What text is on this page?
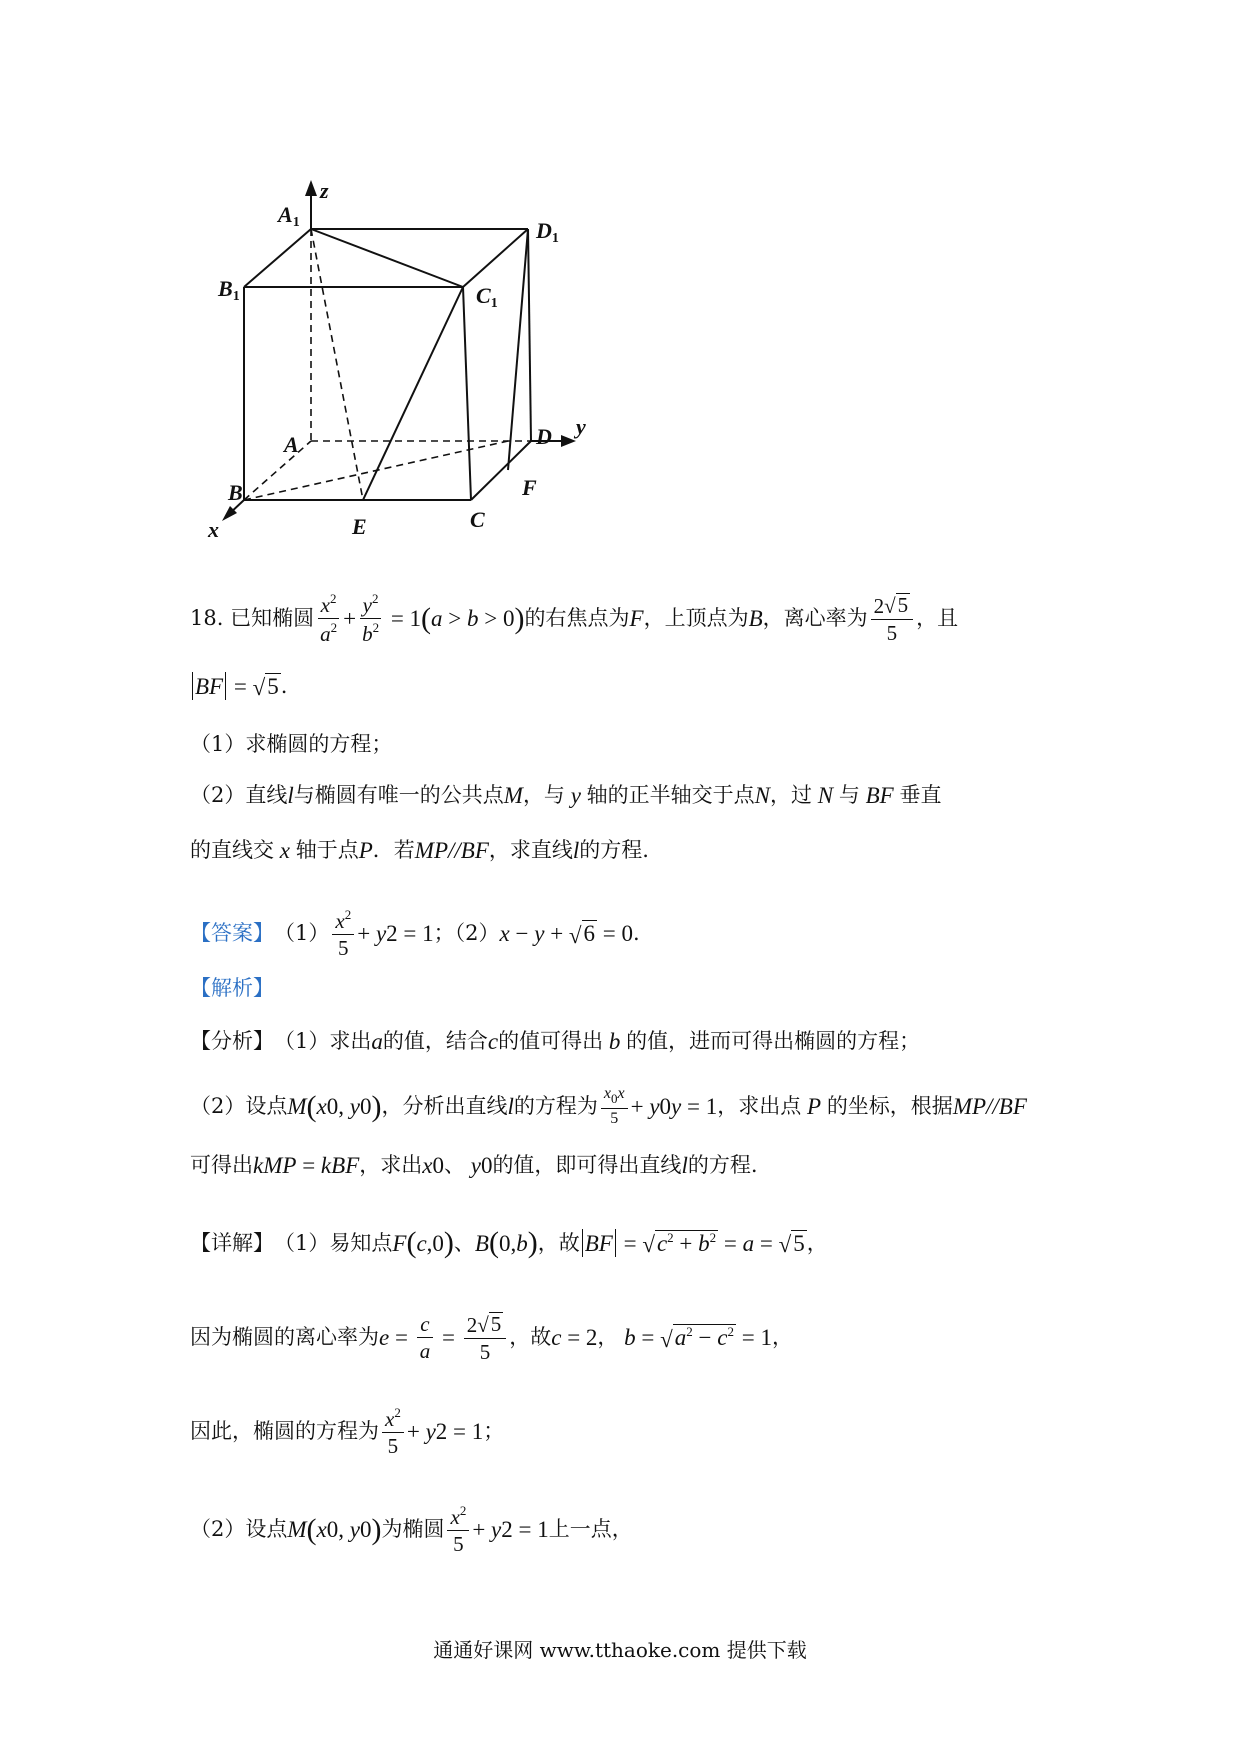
z
y
x
A1
B1	C1
D1
A
B
C
D
E
F
18. 已知椭圆 $\frac{x^2}{a^2} + \frac{y^2}{b^2} = 1$ ( a > b > 0 ) 的右焦点为 F ，上顶点为 B ，离心率为 $\frac{2√ 5}{5}$ ，且
BF = √ 5 .
（1）求椭圆的方程；
（2）直线 l 与椭圆有唯一的公共点 M ，与 y 轴的正半轴交于点 N ，过 N 与 BF 垂直
的直线交 x 轴于点 P ．若 MP//BF ，求直线 l 的方程.
【答案】 $(1) \frac{x^2}{5} + y$ 2 = 1 ；（2） x − y + √ 6 = 0 .
【解析】
【分析】 （1）求出 a 的值，结合 c 的值可得出 b 的值，进而可得出椭圆的方程；
（2）设点 M ( x 0 , y 0 ) ，分析出直线 l 的方程为 $\frac{x_0x}{5} + y$ 0 y = 1 ，求出点 P 的坐标，根据 MP//BF
可得出 k MP = k BF ，求出 x 0 、 y 0 的值，即可得出直线 l 的方程.
【详解】 （1）易知点 F ( c ,0 ) 、 B ( 0, b ) ，故 BF = √ $c^2 + b^2 = a$ = √ 5 ，
因为椭圆的离心率为 $e = \frac{c}{a} = \frac{2√ 5}{5}$ ，故 c = 2 ， b = √ $a^2 - c^2 = 1$ ，
因此，椭圆的方程为 $\frac{x^2}{5} + y$ 2 = 1 ；
（2）设点 M ( x 0 , y 0 ) 为椭圆 $\frac{x^2}{5} + y$ 2 = 1 上一点，
通通好课网 www.tthaoke.com 提供下载
